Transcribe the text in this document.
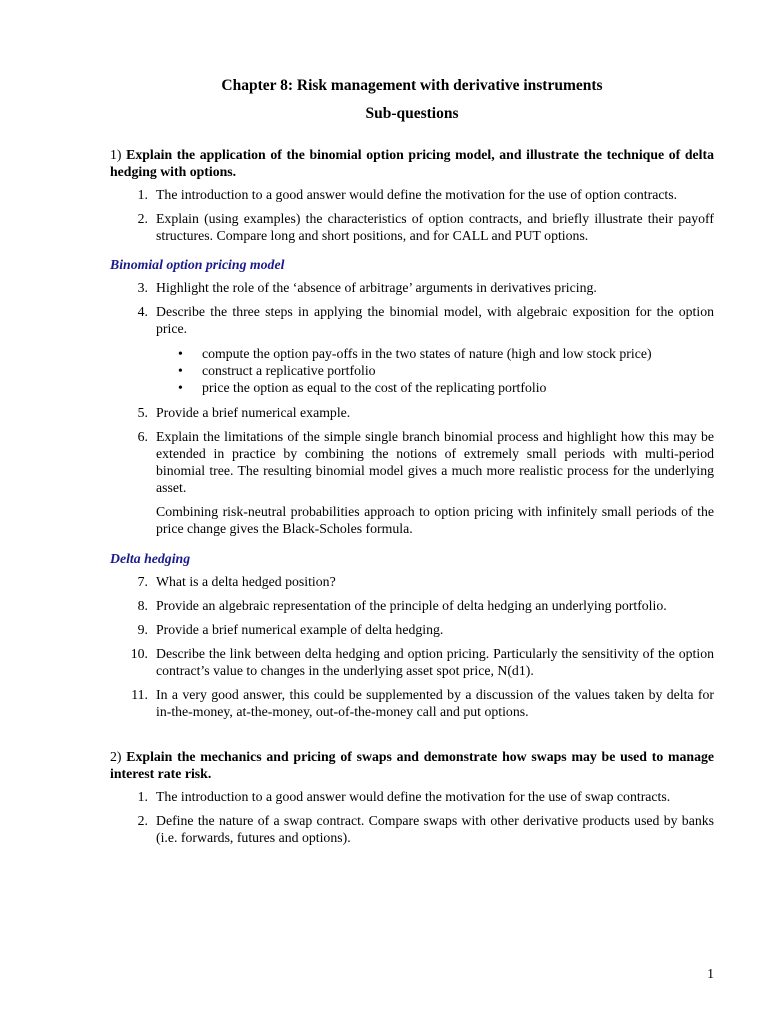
Chapter 8: Risk management with derivative instruments
Sub-questions

1) Explain the application of the binomial option pricing model, and illustrate the technique of delta hedging with options.

1. The introduction to a good answer would define the motivation for the use of option contracts.
2. Explain (using examples) the characteristics of option contracts, and briefly illustrate their payoff structures. Compare long and short positions, and for CALL and PUT options.

Binomial option pricing model

3. Highlight the role of the ‘absence of arbitrage’ arguments in derivatives pricing.
4. Describe the three steps in applying the binomial model, with algebraic exposition for the option price.
• compute the option pay-offs in the two states of nature (high and low stock price)
• construct a replicative portfolio
• price the option as equal to the cost of the replicating portfolio
5. Provide a brief numerical example.
6. Explain the limitations of the simple single branch binomial process and highlight how this may be extended in practice by combining the notions of extremely small periods with multi-period binomial tree. The resulting binomial model gives a much more realistic process for the underlying asset.

Combining risk-neutral probabilities approach to option pricing with infinitely small periods of the price change gives the Black-Scholes formula.

Delta hedging

7. What is a delta hedged position?
8. Provide an algebraic representation of the principle of delta hedging an underlying portfolio.
9. Provide a brief numerical example of delta hedging.
10. Describe the link between delta hedging and option pricing. Particularly the sensitivity of the option contract’s value to changes in the underlying asset spot price, N(d1).
11. In a very good answer, this could be supplemented by a discussion of the values taken by delta for in-the-money, at-the-money, out-of-the-money call and put options.

2) Explain the mechanics and pricing of swaps and demonstrate how swaps may be used to manage interest rate risk.

1. The introduction to a good answer would define the motivation for the use of swap contracts.
2. Define the nature of a swap contract. Compare swaps with other derivative products used by banks (i.e. forwards, futures and options).
1
